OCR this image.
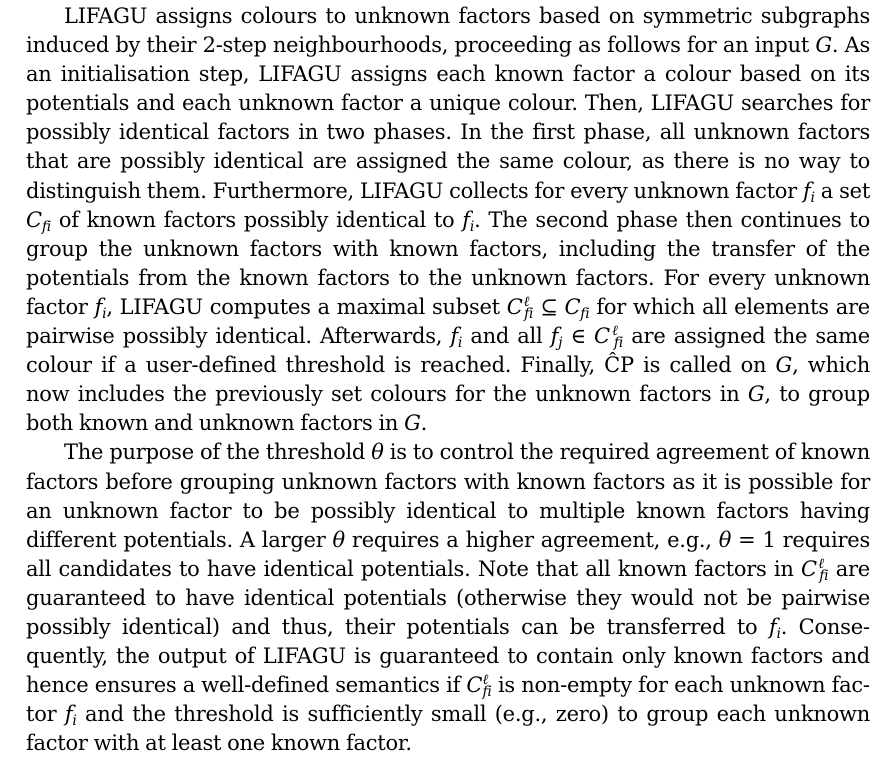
LIFAGU assigns colours to unknown factors based on symmetric subgraphs induced by their 2-step neighbourhoods, proceeding as follows for an input G. As an initialisation step, LIFAGU assigns each known factor a colour based on its potentials and each unknown factor a unique colour. Then, LIFAGU searches for possibly identical factors in two phases. In the first phase, all unknown factors that are possibly identical are assigned the same colour, as there is no way to distinguish them. Furthermore, LIFAGU collects for every unknown factor $f_i$ a set $C_{fi}$ of known factors possibly identical to $f_i$. The second phase then continues to group the unknown factors with known factors, including the transfer of the potentials from the known factors to the unknown factors. For every unknown factor $f_i$, LIFAGU computes a maximal subset $C^\ell_{fi}$ ⊆ $C_{fi}$ for which all elements are pairwise possibly identical. Afterwards, $f_i$ and all $f_j$ ∈ $C^\ell_{fi}$ are assigned the same colour if a user-defined threshold is reached. Finally, ĈP is called on G, which now includes the previously set colours for the unknown factors in G, to group both known and unknown factors in G.

The purpose of the threshold θ is to control the required agreement of known factors before grouping unknown factors with known factors as it is possible for an unknown factor to be possibly identical to multiple known factors having different potentials. A larger θ requires a higher agreement, e.g., θ = 1 requires all candidates to have identical potentials. Note that all known factors in $C^\ell_{fi}$ are guaranteed to have identical potentials (otherwise they would not be pairwise possibly identical) and thus, their potentials can be transferred to $f_i$. Consequently, the output of LIFAGU is guaranteed to contain only known factors and hence ensures a well-defined semantics if $C^\ell_{fi}$ is non-empty for each unknown factor $f_i$ and the threshold is sufficiently small (e.g., zero) to group each unknown factor with at least one known factor.
